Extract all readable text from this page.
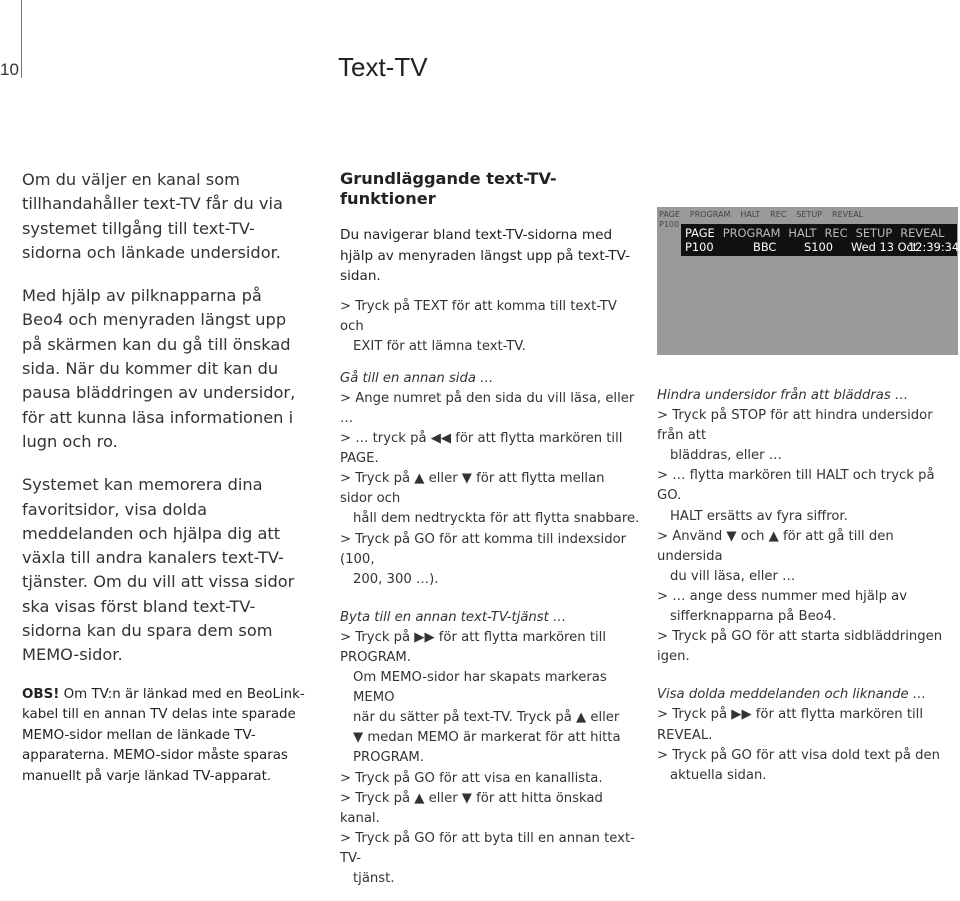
10	Text-TV

Om du väljer en kanal som tillhandahåller text-TV får du via systemet tillgång till text-TV-sidorna och länkade undersidor.

Med hjälp av pilknapparna på Beo4 och menyraden längst upp på skärmen kan du gå till önskad sida. När du kommer dit kan du pausa bläddringen av undersidor, för att kunna läsa informationen i lugn och ro.

Systemet kan memorera dina favoritsidor, visa dolda meddelanden och hjälpa dig att växla till andra kanalers text-TV-tjänster. Om du vill att vissa sidor ska visas först bland text-TV-sidorna kan du spara dem som MEMO-sidor.

OBS! Om TV:n är länkad med en BeoLink-kabel till en annan TV delas inte sparade MEMO-sidor mellan de länkade TV-apparaterna. MEMO-sidor måste sparas manuellt på varje länkad TV-apparat.

Grundläggande text-TV-funktioner
Du navigerar bland text-TV-sidorna med hjälp av menyraden längst upp på text-TV-sidan.

> Tryck på TEXT för att komma till text-TV och

EXIT för att lämna text-TV.

Gå till en annan sida …

> Ange numret på den sida du vill läsa, eller …

> … tryck på ◀◀ för att flytta markören till PAGE.

> Tryck på ▲ eller ▼ för att flytta mellan sidor och

håll dem nedtryckta för att flytta snabbare.

> Tryck på GO för att komma till indexsidor (100,

200, 300 …).

Byta till en annan text-TV-tjänst …

> Tryck på ▶▶ för att flytta markören till PROGRAM.

Om MEMO-sidor har skapats markeras MEMO

när du sätter på text-TV. Tryck på ▲ eller

▼ medan MEMO är markerat för att hitta

PROGRAM.

> Tryck på GO för att visa en kanallista.

> Tryck på ▲ eller ▼ för att hitta önskad kanal.

> Tryck på GO för att byta till en annan text-TV-

tjänst.

PAGE PROGRAM HALT REC SETUP REVEAL
P100
PAGE PROGRAM HALT REC SETUP REVEAL
P100	BBC S100 Wed 13 Oct
12:39:34

Hindra undersidor från att bläddras …

> Tryck på STOP för att hindra undersidor från att

bläddras, eller …

> … flytta markören till HALT och tryck på GO.

HALT ersätts av fyra siffror.

> Använd ▼ och ▲ för att gå till den undersida

du vill läsa, eller …

> … ange dess nummer med hjälp av

sifferknapparna på Beo4.

> Tryck på GO för att starta sidbläddringen igen.

Visa dolda meddelanden och liknande …

> Tryck på ▶▶ för att flytta markören till REVEAL.

> Tryck på GO för att visa dold text på den

aktuella sidan.
